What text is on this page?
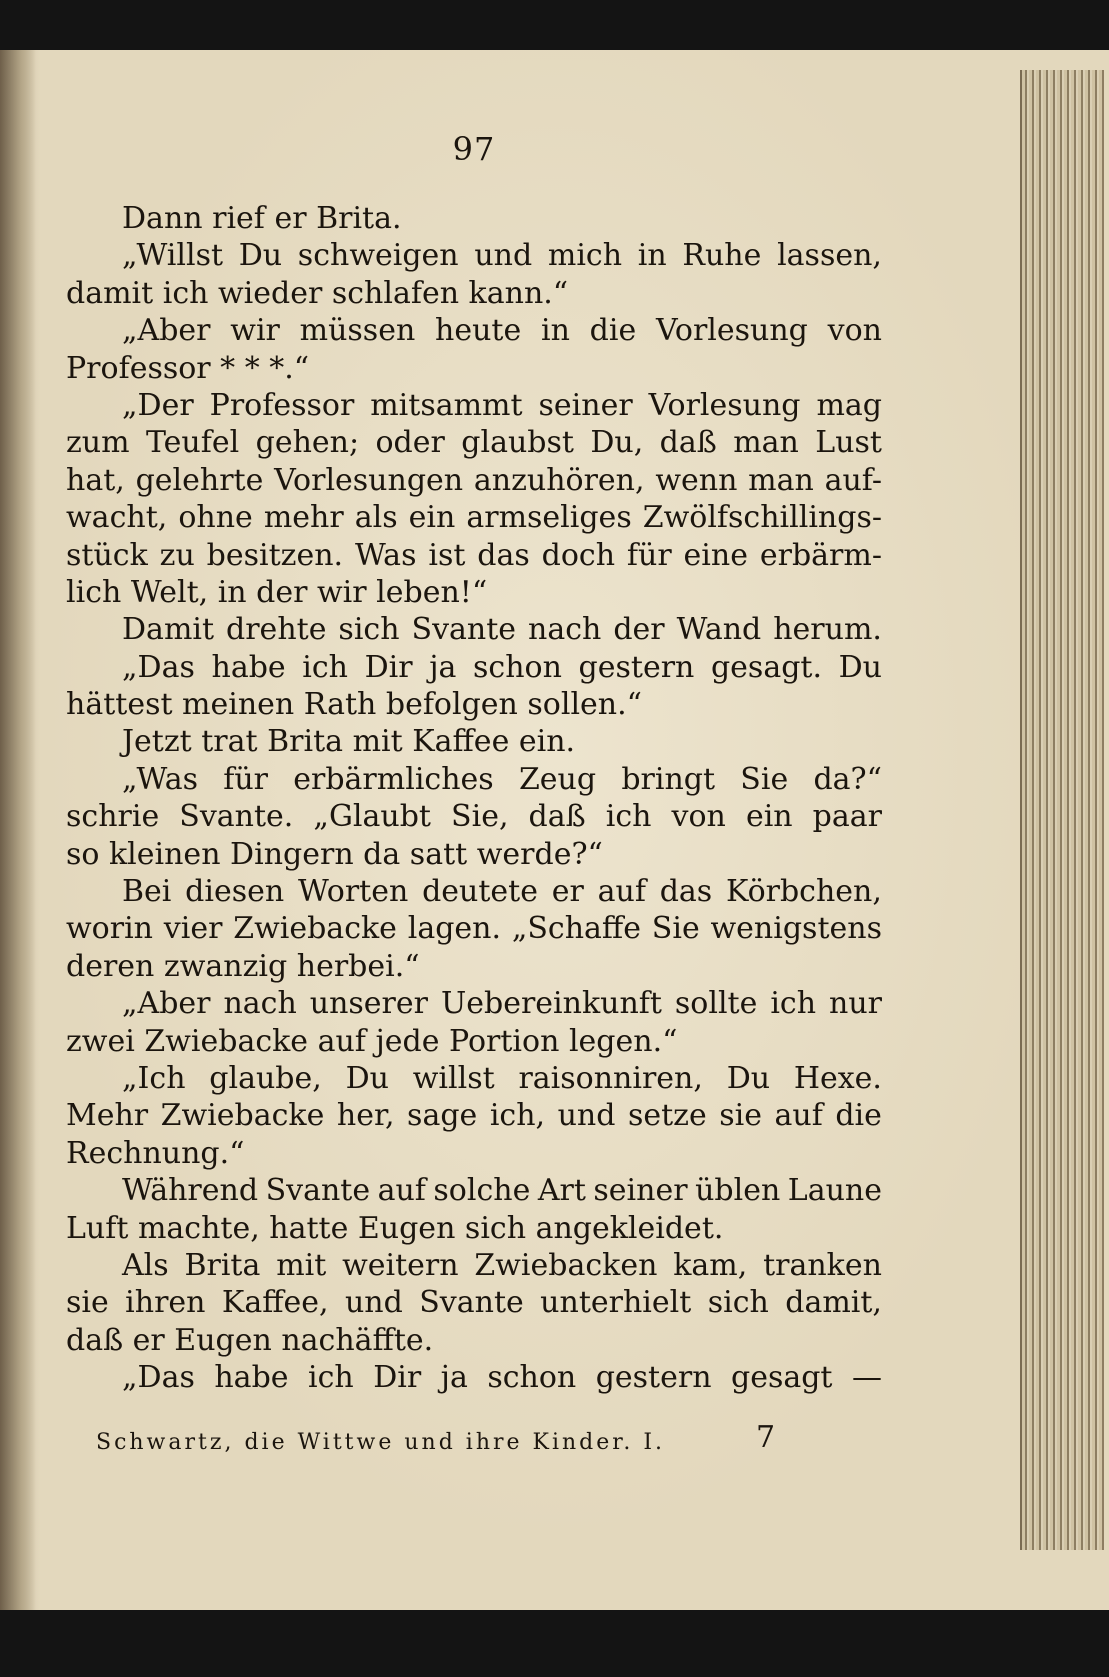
97
Dann rief er Brita.
„Willst Du schweigen und mich in Ruhe lassen,
damit ich wieder schlafen kann.“
„Aber wir müssen heute in die Vorlesung von
Professor * * *.“
„Der Professor mitsammt seiner Vorlesung mag
zum Teufel gehen; oder glaubst Du, daß man Lust
hat, gelehrte Vorlesungen anzuhören, wenn man auf-
wacht, ohne mehr als ein armseliges Zwölfschillings-
stück zu besitzen. Was ist das doch für eine erbärm-
lich Welt, in der wir leben!“
Damit drehte sich Svante nach der Wand herum.
„Das habe ich Dir ja schon gestern gesagt. Du
hättest meinen Rath befolgen sollen.“
Jetzt trat Brita mit Kaffee ein.
„Was für erbärmliches Zeug bringt Sie da?“
schrie Svante. „Glaubt Sie, daß ich von ein paar
so kleinen Dingern da satt werde?“
Bei diesen Worten deutete er auf das Körbchen,
worin vier Zwiebacke lagen. „Schaffe Sie wenigstens
deren zwanzig herbei.“
„Aber nach unserer Uebereinkunft sollte ich nur
zwei Zwiebacke auf jede Portion legen.“
„Ich glaube, Du willst raisonniren, Du Hexe.
Mehr Zwiebacke her, sage ich, und setze sie auf die
Rechnung.“
Während Svante auf solche Art seiner üblen Laune
Luft machte, hatte Eugen sich angekleidet.
Als Brita mit weitern Zwiebacken kam, tranken
sie ihren Kaffee, und Svante unterhielt sich damit,
daß er Eugen nachäffte.
„Das habe ich Dir ja schon gestern gesagt —
Schwartz, die Wittwe und ihre Kinder. I.	7
